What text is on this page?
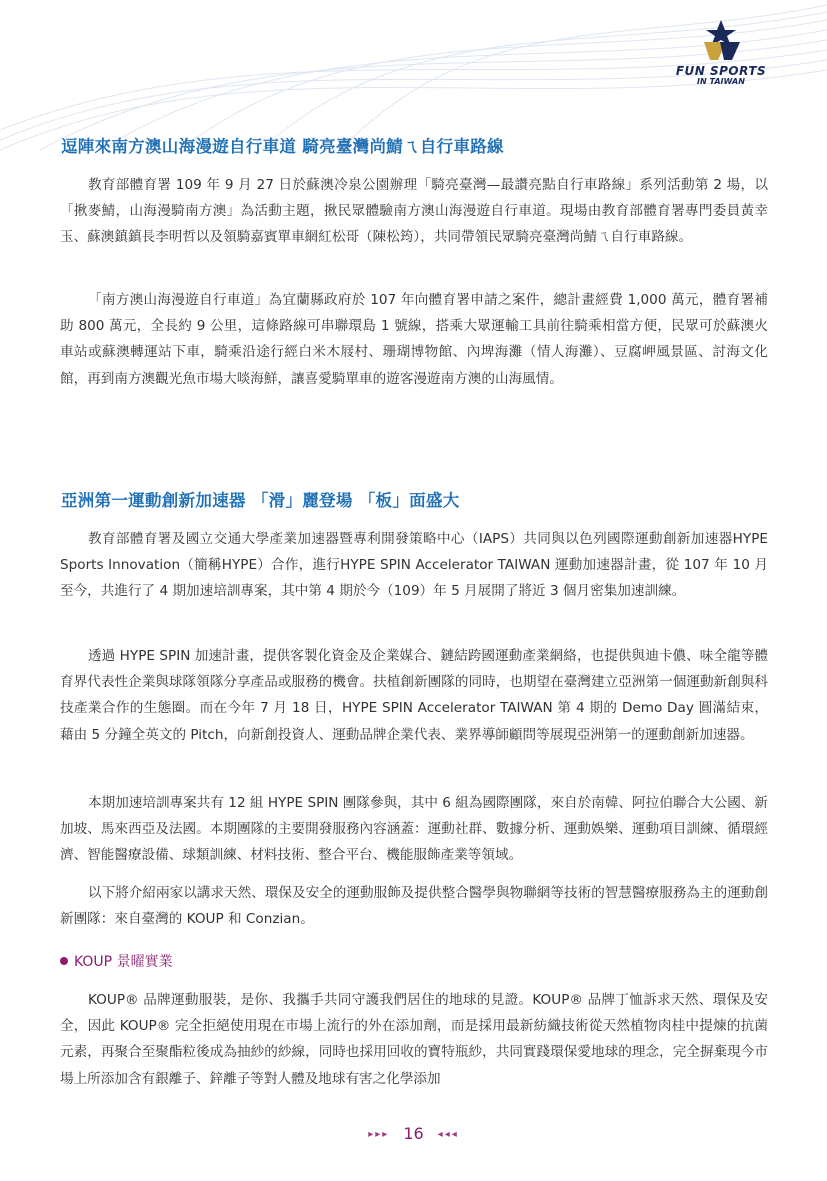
FUN SPORTS
IN TAIWAN
逗陣來南方澳山海漫遊自行車道 騎亮臺灣尚鯖ㄟ自行車路線
教育部體育署 109 年 9 月 27 日於蘇澳冷泉公園辦理「騎亮臺灣—最讚亮點自行車路線」系列活動第 2 場，以「揪麥鯖，山海漫騎南方澳」為活動主題，揪民眾體驗南方澳山海漫遊自行車道。現場由教育部體育署專門委員黃幸玉、蘇澳鎮鎮長李明哲以及領騎嘉賓單車網紅松哥（陳松筠），共同帶領民眾騎亮臺灣尚鯖ㄟ自行車路線。
「南方澳山海漫遊自行車道」為宜蘭縣政府於 107 年向體育署申請之案件，總計畫經費 1,000 萬元，體育署補助 800 萬元，全長約 9 公里，這條路線可串聯環島 1 號線，搭乘大眾運輸工具前往騎乘相當方便，民眾可於蘇澳火車站或蘇澳轉運站下車，騎乘沿途行經白米木屐村、珊瑚博物館、內埤海灘（情人海灘）、豆腐岬風景區、討海文化館，再到南方澳觀光魚市場大啖海鮮，讓喜愛騎單車的遊客漫遊南方澳的山海風情。
亞洲第一運動創新加速器 「滑」麗登場 「板」面盛大
教育部體育署及國立交通大學產業加速器暨專利開發策略中心（IAPS）共同與以色列國際運動創新加速器HYPE Sports Innovation（簡稱HYPE）合作，進行HYPE SPIN Accelerator TAIWAN 運動加速器計畫，從 107 年 10 月至今，共進行了 4 期加速培訓專案，其中第 4 期於今（109）年 5 月展開了將近 3 個月密集加速訓練。
透過 HYPE SPIN 加速計畫，提供客製化資金及企業媒合、鏈結跨國運動產業網絡，也提供與迪卡儂、味全龍等體育界代表性企業與球隊領隊分享產品或服務的機會。扶植創新團隊的同時，也期望在臺灣建立亞洲第一個運動新創與科技產業合作的生態圈。而在今年 7 月 18 日，HYPE SPIN Accelerator TAIWAN 第 4 期的 Demo Day 圓滿結束，藉由 5 分鐘全英文的 Pitch，向新創投資人、運動品牌企業代表、業界導師顧問等展現亞洲第一的運動創新加速器。
本期加速培訓專案共有 12 組 HYPE SPIN 團隊參與，其中 6 組為國際團隊，來自於南韓、阿拉伯聯合大公國、新加坡、馬來西亞及法國。本期團隊的主要開發服務內容涵蓋：運動社群、數據分析、運動娛樂、運動項目訓練、循環經濟、智能醫療設備、球類訓練、材料技術、整合平台、機能服飾產業等領域。
以下將介紹兩家以講求天然、環保及安全的運動服飾及提供整合醫學與物聯網等技術的智慧醫療服務為主的運動創新團隊：來自臺灣的 KOUP 和 Conzian。
KOUP 景曜實業
KOUP® 品牌運動服裝，是你、我攜手共同守護我們居住的地球的見證。KOUP® 品牌丁恤訴求天然、環保及安全，因此 KOUP® 完全拒絕使用現在市場上流行的外在添加劑，而是採用最新紡織技術從天然植物肉桂中提煉的抗菌元素，再聚合至聚酯粒後成為抽紗的紗線，同時也採用回收的寶特瓶紗，共同實踐環保愛地球的理念，完全摒棄現今市場上所添加含有銀離子、鋅離子等對人體及地球有害之化學添加
▸▸▸ 16 ◂◂◂
